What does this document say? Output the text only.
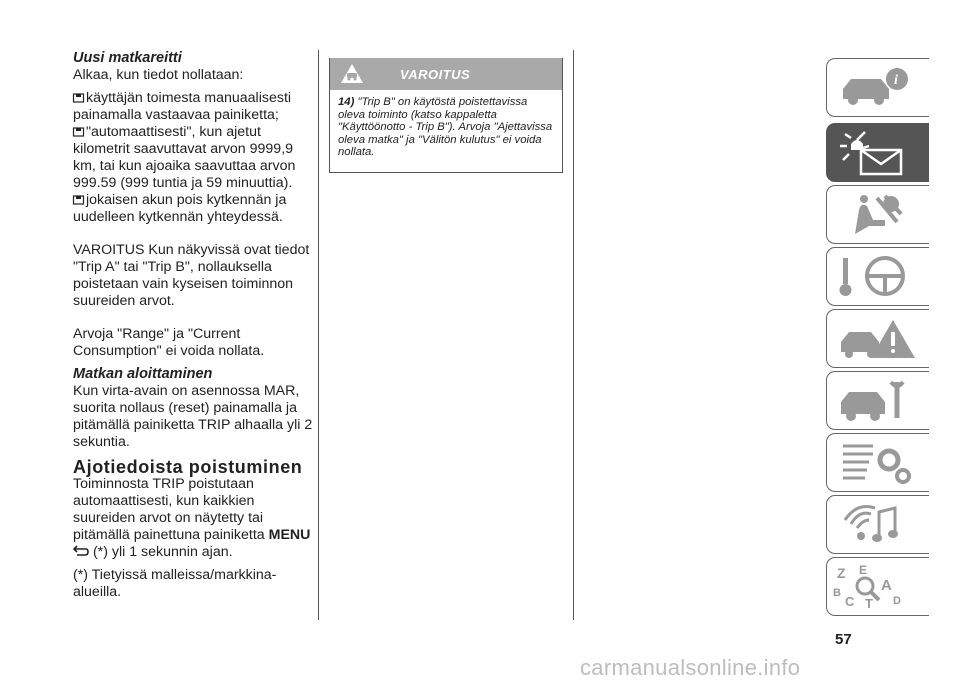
Uusi matkareitti

Alkaa, kun tiedot nollataan:

käyttäjän toimesta manuaalisesti painamalla vastaavaa painiketta;

"automaattisesti", kun ajetut kilometrit saavuttavat arvon 9999,9 km, tai kun ajoaika saavuttaa arvon 999.59 (999 tuntia ja 59 minuuttia).

jokaisen akun pois kytkennän ja uudelleen kytkennän yhteydessä.

VAROITUS Kun näkyvissä ovat tiedot "Trip A" tai "Trip B", nollauksella poistetaan vain kyseisen toiminnon suureiden arvot.

Arvoja "Range" ja "Current Consumption" ei voida nollata.

Matkan aloittaminen

Kun virta-avain on asennossa MAR, suorita nollaus (reset) painamalla ja pitämällä painiketta TRIP alhaalla yli 2 sekuntia.

Ajotiedoista poistuminen

Toiminnosta TRIP poistutaan automaattisesti, kun kaikkien suureiden arvot on näytetty tai pitämällä painettuna painiketta MENU  (*) yli 1 sekunnin ajan.

(*) Tietyissä malleissa/markkina-alueilla.

VAROITUS
14) "Trip B" on käytöstä poistettavissa oleva toiminto (katso kappaletta "Käyttöönotto - Trip B"). Arvoja "Ajettavissa oleva matka" ja "Välitön kulutus" ei voida nollata.
i
Z E
B	A
C T D
57
carmanualsonline.info
